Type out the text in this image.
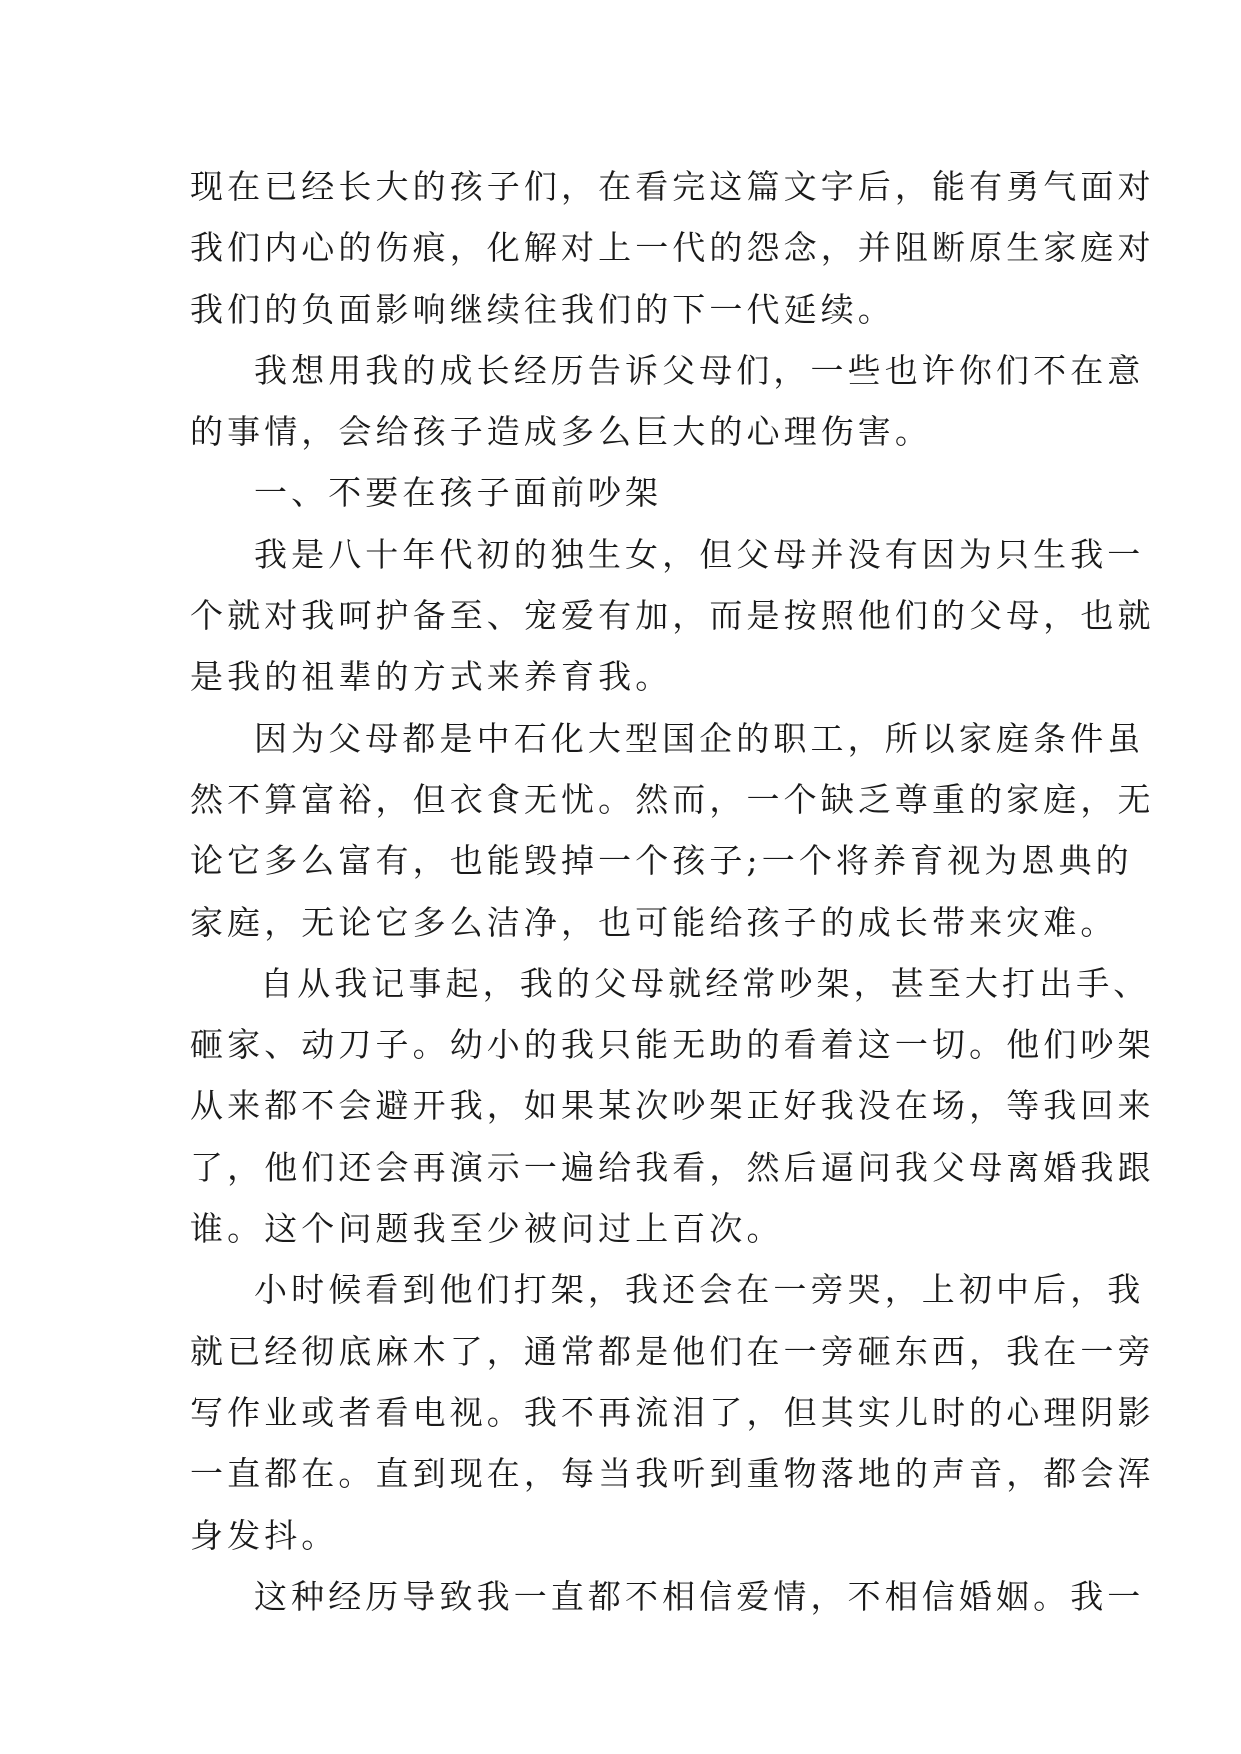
现在已经长大的孩子们，在看完这篇文字后，能有勇气面对
我们内心的伤痕，化解对上一代的怨念，并阻断原生家庭对
我们的负面影响继续往我们的下一代延续。
我想用我的成长经历告诉父母们，一些也许你们不在意
的事情，会给孩子造成多么巨大的心理伤害。
一、不要在孩子面前吵架
我是八十年代初的独生女，但父母并没有因为只生我一
个就对我呵护备至、宠爱有加，而是按照他们的父母，也就
是我的祖辈的方式来养育我。
因为父母都是中石化大型国企的职工，所以家庭条件虽
然不算富裕，但衣食无忧。然而，一个缺乏尊重的家庭，无
论它多么富有，也能毁掉一个孩子;一个将养育视为恩典的
家庭，无论它多么洁净，也可能给孩子的成长带来灾难。
自从我记事起，我的父母就经常吵架，甚至大打出手、
砸家、动刀子。幼小的我只能无助的看着这一切。他们吵架
从来都不会避开我，如果某次吵架正好我没在场，等我回来
了，他们还会再演示一遍给我看，然后逼问我父母离婚我跟
谁。这个问题我至少被问过上百次。
小时候看到他们打架，我还会在一旁哭，上初中后，我
就已经彻底麻木了，通常都是他们在一旁砸东西，我在一旁
写作业或者看电视。我不再流泪了，但其实儿时的心理阴影
一直都在。直到现在，每当我听到重物落地的声音，都会浑
身发抖。
这种经历导致我一直都不相信爱情，不相信婚姻。我一
